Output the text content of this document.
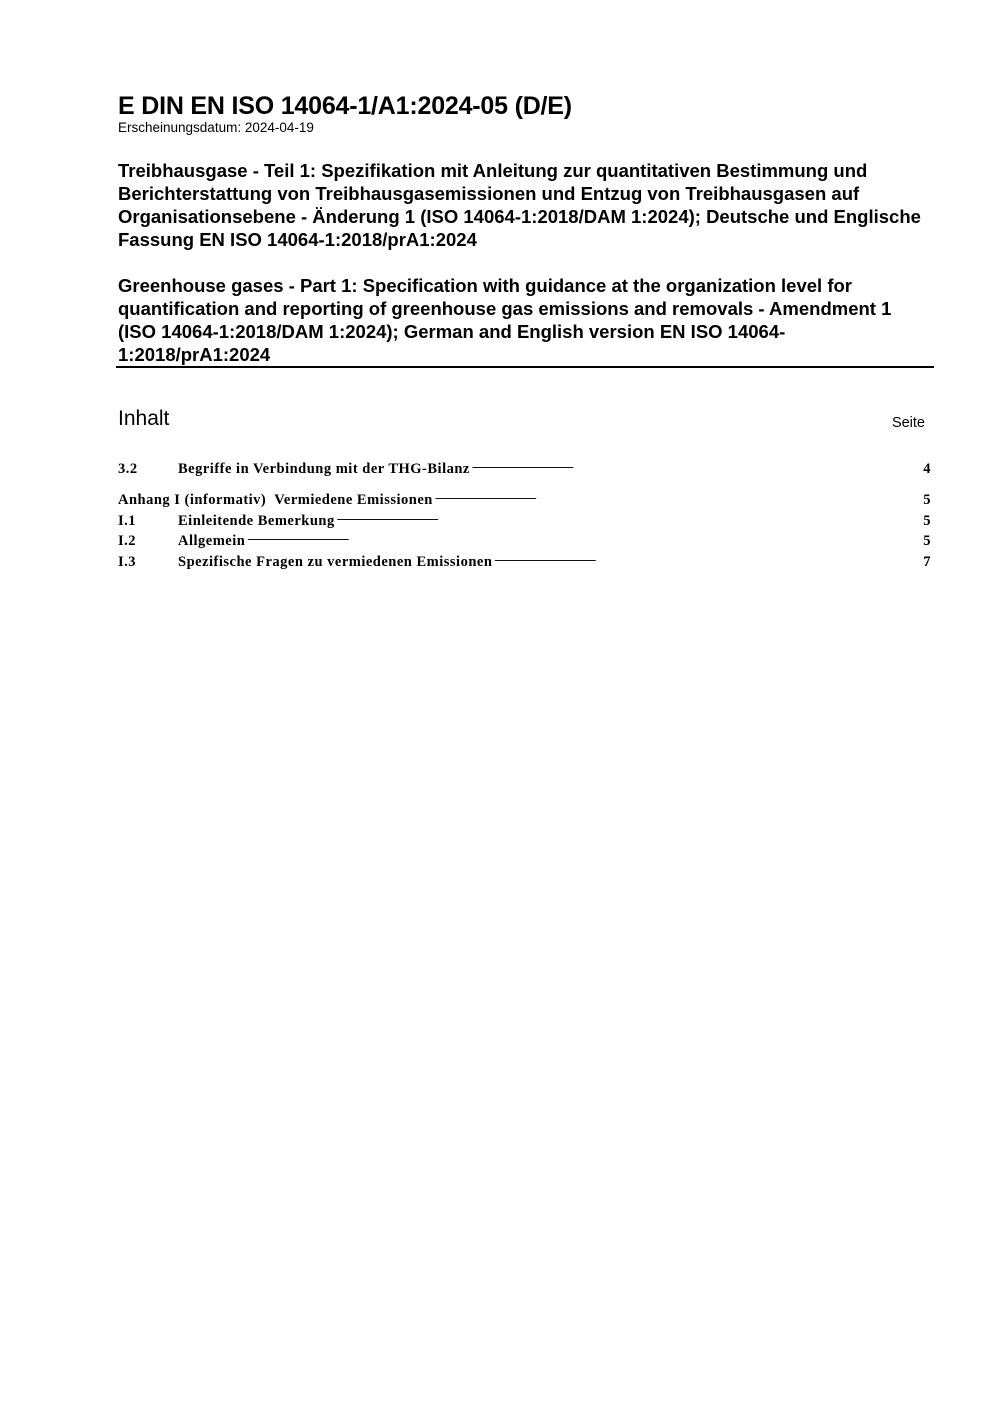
E DIN EN ISO 14064-1/A1:2024-05 (D/E)

Erscheinungsdatum: 2024-04-19

Treibhausgase - Teil 1: Spezifikation mit Anleitung zur quantitativen Bestimmung und Berichterstattung von Treibhausgasemissionen und Entzug von Treibhausgasen auf Organisationsebene - Änderung 1 (ISO 14064-1:2018/DAM 1:2024); Deutsche und Englische Fassung EN ISO 14064-1:2018/prA1:2024

Greenhouse gases - Part 1: Specification with guidance at the organization level for quantification and reporting of greenhouse gas emissions and removals - Amendment 1 (ISO 14064-1:2018/DAM 1:2024); German and English version EN ISO 14064-1:2018/prA1:2024

Inhalt	Seite
3.2	Begriffe in Verbindung mit der THG-Bilanz . . .	4
Anhang I (informativ)  Vermiedene Emissionen . . .	5
I.1	Einleitende Bemerkung . . .	5
I.2	Allgemein . . .	5
I.3	Spezifische Fragen zu vermiedenen Emissionen . . .	7
